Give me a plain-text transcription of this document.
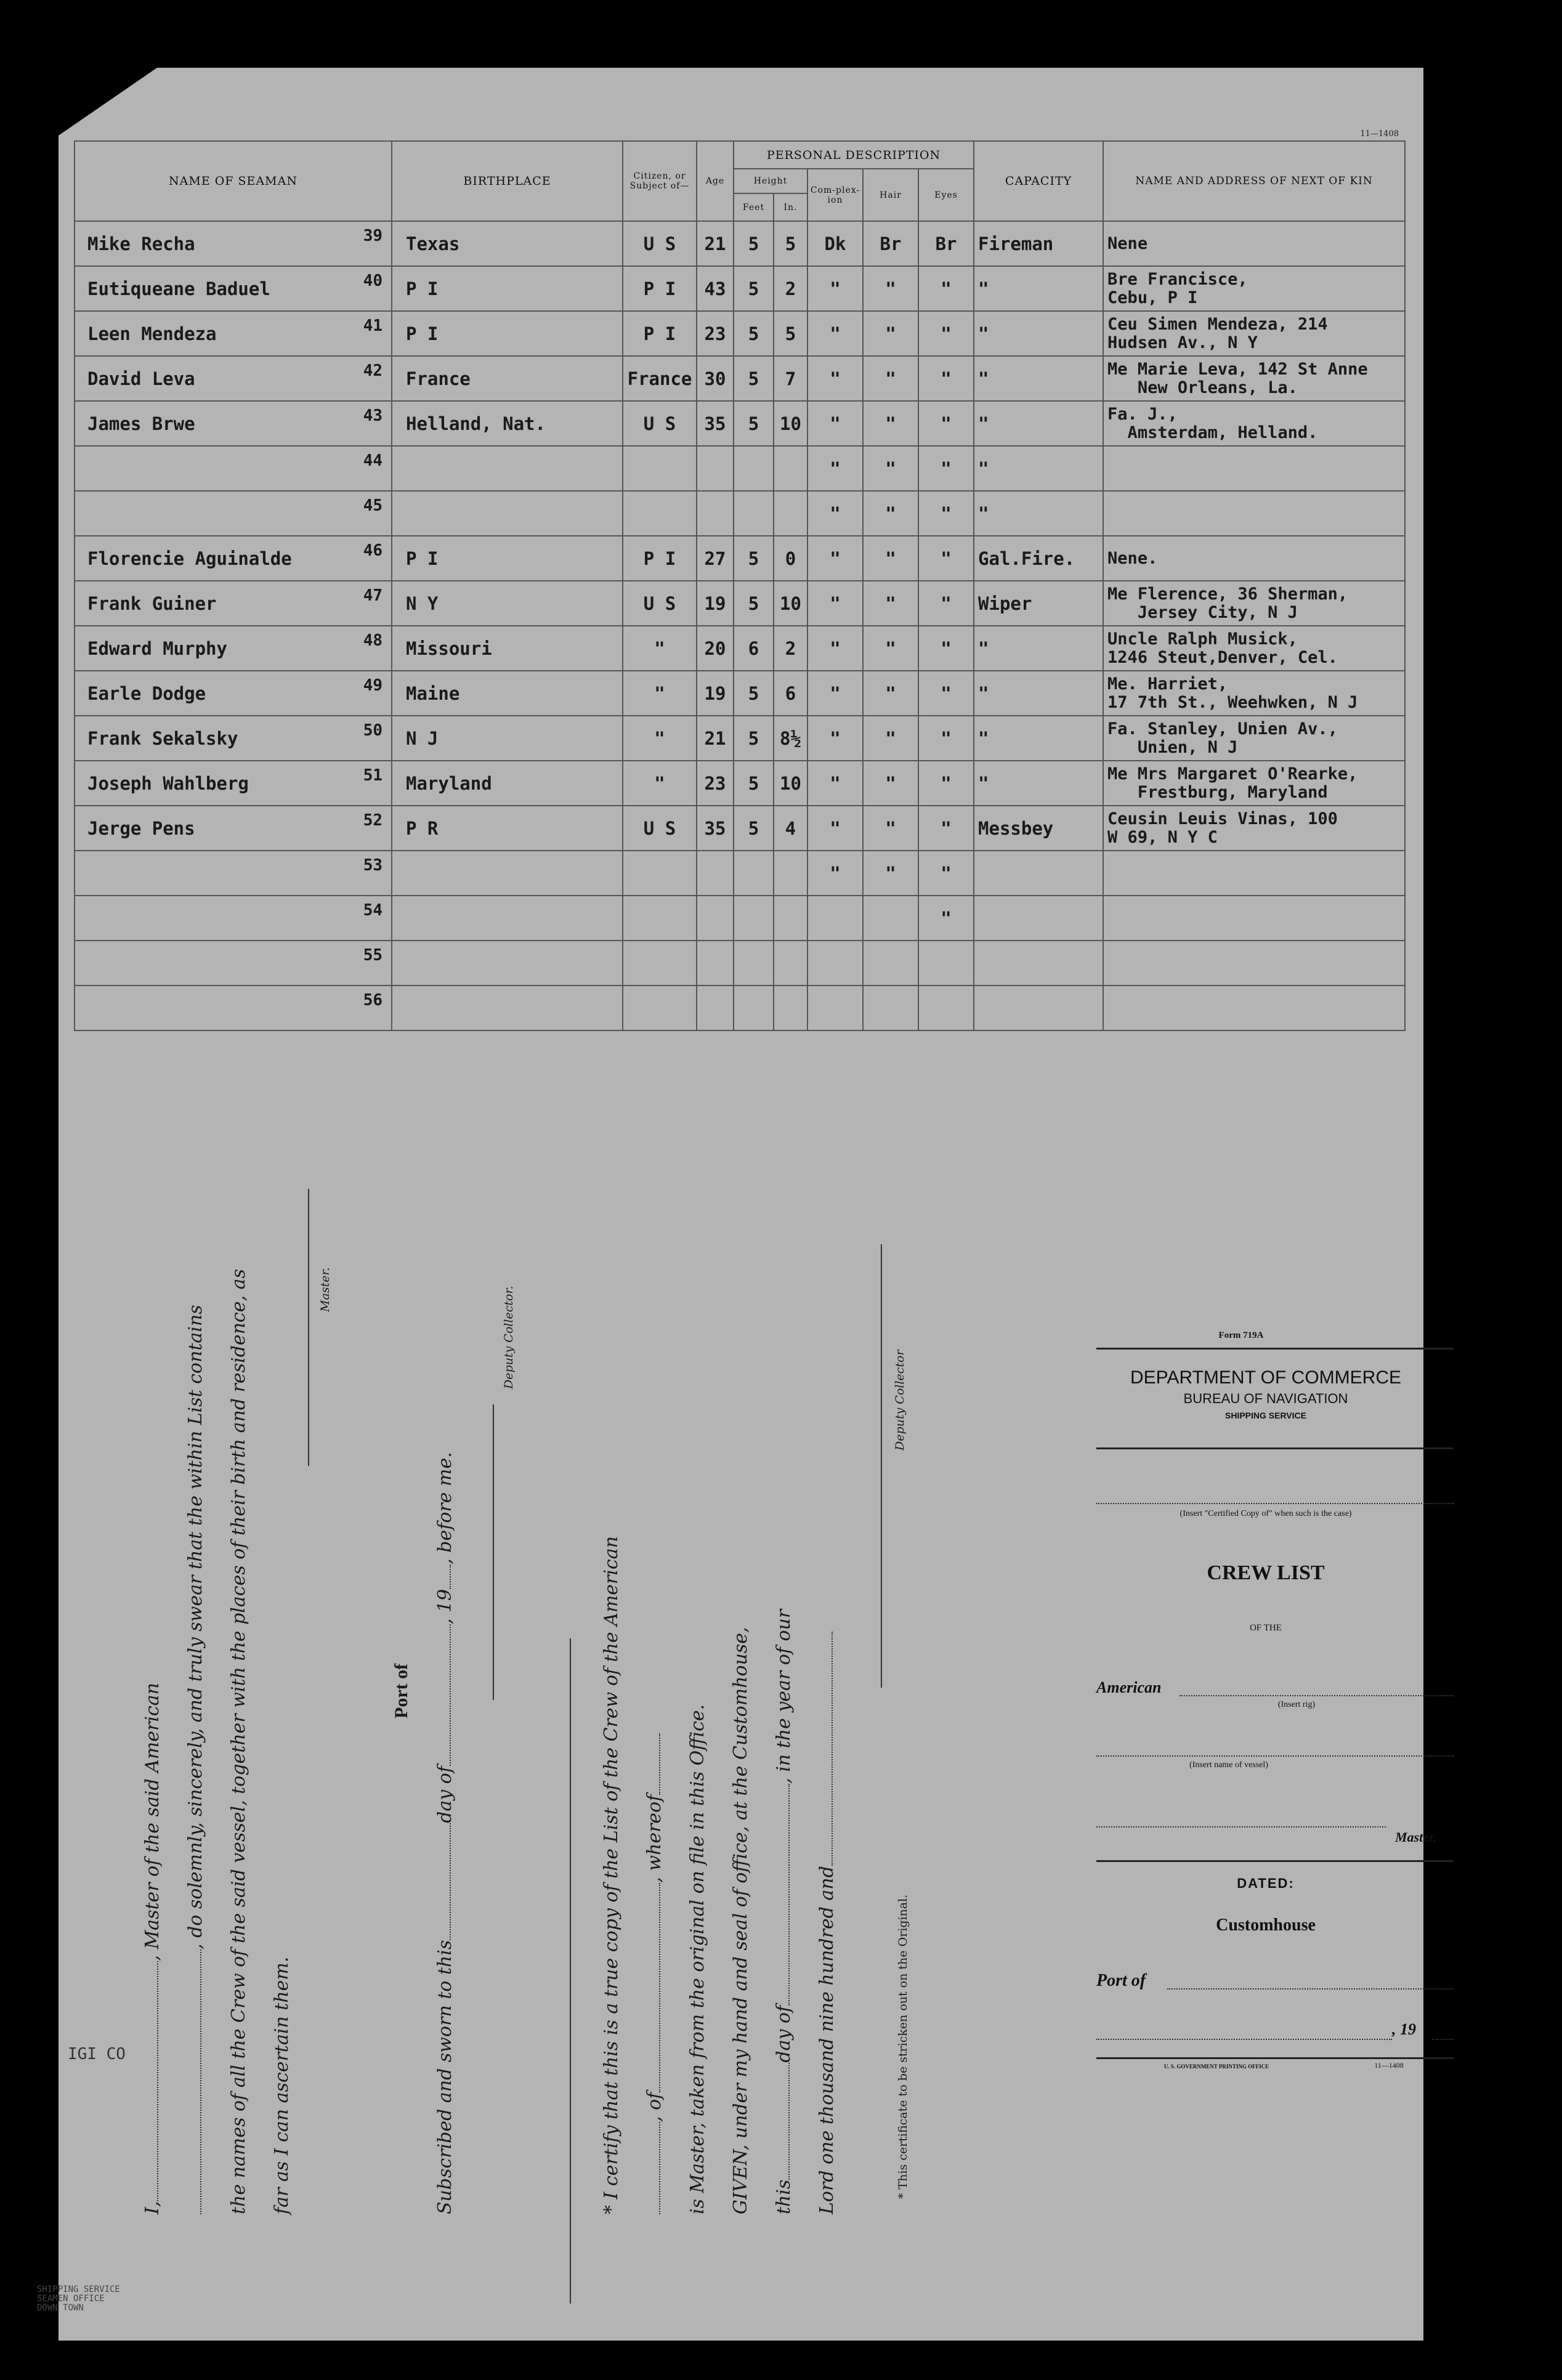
11—1408
NAME OF SEAMAN	BIRTHPLACE	Citizen, or Subject of—	Age	PERSONAL DESCRIPTION					CAPACITY	NAME AND ADDRESS OF NEXT OF KIN
				Height		Com-plex-ion	Hair	Eyes		
				Feet	In.					
Mike Recha 39	Texas	U S	21	5	5	Dk	Br	Br	Fireman	Nene
Eutiqueane Baduel 40	P I	P I	43	5	2	"	"	"	"	Bre Francisce,
Cebu, P I
Leen Mendeza 41	P I	P I	23	5	5	"	"	"	"	Ceu Simen Mendeza, 214
Hudsen Av., N Y
David Leva 42	France	France	30	5	7	"	"	"	"	Me Marie Leva, 142 St Anne
New Orleans, La.
James Brwe 43	Helland, Nat.	U S	35	5	10	"	"	"	"	Fa. J.,
Amsterdam, Helland.

44						"	"	"	"	

45						"	"	"	"	
Florencie Aguinalde 46	P I	P I	27	5	0	"	"	"	Gal.Fire.	Nene.
Frank Guiner 47	N Y	U S	19	5	10	"	"	"	Wiper	Me Flerence, 36 Sherman,
Jersey City, N J
Edward Murphy 48	Missouri	"	20	6	2	"	"	"	"	Uncle Ralph Musick,
1246 Steut,Denver, Cel.
Earle Dodge 49	Maine	"	19	5	6	"	"	"	"	Me. Harriet,
17 7th St., Weehwken, N J
Frank Sekalsky 50	N J	"	21	5	8½	"	"	"	"	Fa. Stanley, Unien Av.,
Unien, N J
Joseph Wahlberg 51	Maryland	"	23	5	10	"	"	"	"	Me Mrs Margaret O'Rearke,
Frestburg, Maryland
Jerge Pens 52	P R	U S	35	5	4	"	"	"	Messbey	Ceusin Leuis Vinas, 100
W 69, N Y C

53						"	"	"		

54								"		

55										

56										

I,, Master of the said American , do solemnly, sincerely, and truly swear that the within List contains the names of all the Crew of the said vessel, together with the places of their birth and residence, as far as I can ascertain them.
Master.
Port of
Subscribed and sworn to thisday of, 19, before me.
Deputy Collector.
* I certify that this is a true copy of the List of the Crew of the American , of, whereof is Master, taken from the original on file in this Office. GIVEN, under my hand and seal of office, at the Customhouse, thisday of, in the year of our
Lord one thousand nine hundred and
Deputy Collector
* This certificate to be stricken out on the Original.
Form 719A
DEPARTMENT OF COMMERCE
BUREAU OF NAVIGATION
SHIPPING SERVICE
(Insert "Certified Copy of" when such is the case)
CREW LIST
OF THE
American
(Insert rig)
(Insert name of vessel)
Master.
DATED:
Customhouse
Port of
, 19
U. S. GOVERNMENT PRINTING OFFICE	11—1408
IGI CO
SHIPPING SERVICE
SEAMEN OFFICE
DOWN TOWN
